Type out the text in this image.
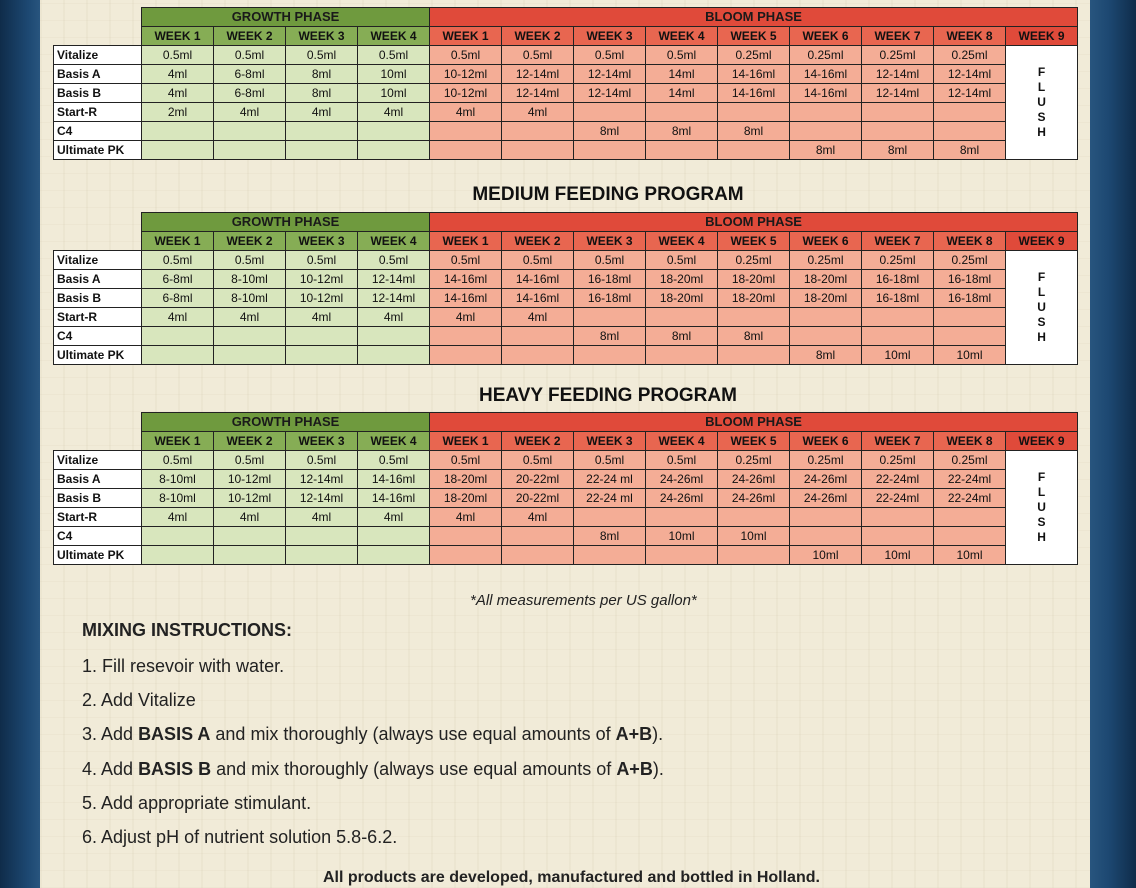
MEDIUM FEEDING PROGRAM
HEAVY FEEDING PROGRAM
	GROWTH PHASE				BLOOM PHASE								
	WEEK 1	WEEK 2	WEEK 3	WEEK 4	WEEK 1	WEEK 2	WEEK 3	WEEK 4	WEEK 5	WEEK 6	WEEK 7	WEEK 8	WEEK 9
Vitalize	0.5ml	0.5ml	0.5ml	0.5ml	0.5ml	0.5ml	0.5ml	0.5ml	0.25ml	0.25ml	0.25ml	0.25ml	F
L
U
S
H

Basis A	4ml	6-8ml	8ml	10ml	10-12ml	12-14ml	12-14ml	14ml	14-16ml	14-16ml	12-14ml	12-14ml	
Basis B	4ml	6-8ml	8ml	10ml	10-12ml	12-14ml	12-14ml	14ml	14-16ml	14-16ml	12-14ml	12-14ml	
Start-R	2ml	4ml	4ml	4ml	4ml	4ml							
C4							8ml	8ml	8ml				
Ultimate PK										8ml	8ml	8ml	
	GROWTH PHASE				BLOOM PHASE								
	WEEK 1	WEEK 2	WEEK 3	WEEK 4	WEEK 1	WEEK 2	WEEK 3	WEEK 4	WEEK 5	WEEK 6	WEEK 7	WEEK 8	WEEK 9
Vitalize	0.5ml	0.5ml	0.5ml	0.5ml	0.5ml	0.5ml	0.5ml	0.5ml	0.25ml	0.25ml	0.25ml	0.25ml	F
L
U
S
H

Basis A	6-8ml	8-10ml	10-12ml	12-14ml	14-16ml	14-16ml	16-18ml	18-20ml	18-20ml	18-20ml	16-18ml	16-18ml	
Basis B	6-8ml	8-10ml	10-12ml	12-14ml	14-16ml	14-16ml	16-18ml	18-20ml	18-20ml	18-20ml	16-18ml	16-18ml	
Start-R	4ml	4ml	4ml	4ml	4ml	4ml							
C4							8ml	8ml	8ml				
Ultimate PK										8ml	10ml	10ml	
	GROWTH PHASE				BLOOM PHASE								
	WEEK 1	WEEK 2	WEEK 3	WEEK 4	WEEK 1	WEEK 2	WEEK 3	WEEK 4	WEEK 5	WEEK 6	WEEK 7	WEEK 8	WEEK 9
Vitalize	0.5ml	0.5ml	0.5ml	0.5ml	0.5ml	0.5ml	0.5ml	0.5ml	0.25ml	0.25ml	0.25ml	0.25ml	F
L
U
S
H

Basis A	8-10ml	10-12ml	12-14ml	14-16ml	18-20ml	20-22ml	22-24 ml	24-26ml	24-26ml	24-26ml	22-24ml	22-24ml	
Basis B	8-10ml	10-12ml	12-14ml	14-16ml	18-20ml	20-22ml	22-24 ml	24-26ml	24-26ml	24-26ml	22-24ml	22-24ml	
Start-R	4ml	4ml	4ml	4ml	4ml	4ml							
C4							8ml	10ml	10ml				
Ultimate PK										10ml	10ml	10ml	
*All measurements per US gallon*
MIXING INSTRUCTIONS:
1. Fill resevoir with water.
2. Add Vitalize
3. Add BASIS A and mix thoroughly (always use equal amounts of A+B).
4. Add BASIS B and mix thoroughly (always use equal amounts of A+B).
5. Add appropriate stimulant.
6. Adjust pH of nutrient solution 5.8-6.2.
All products are developed, manufactured and bottled in Holland.
